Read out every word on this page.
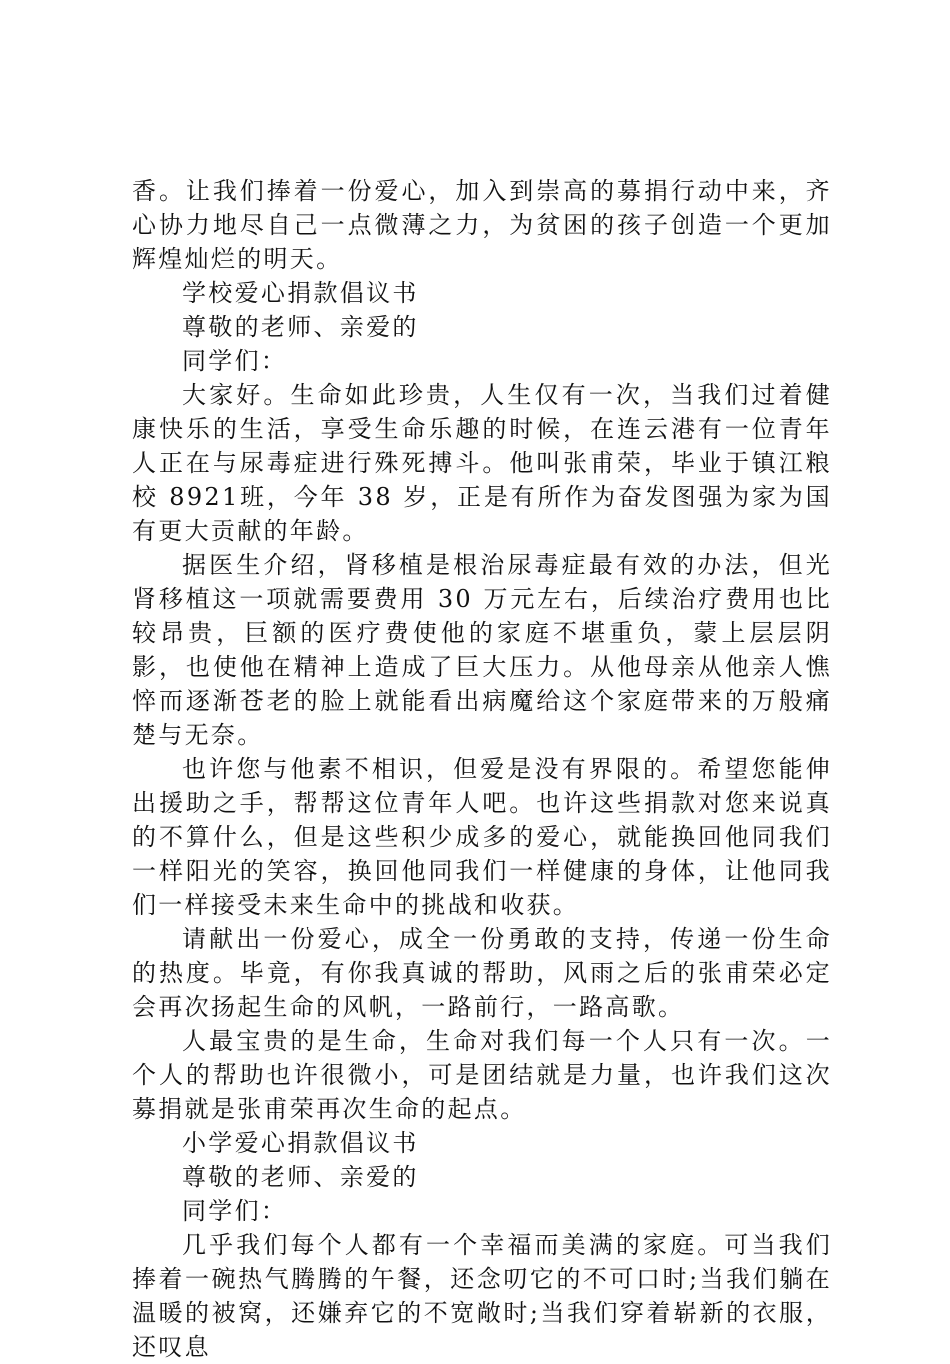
香。让我们捧着一份爱心，加入到崇高的募捐行动中来，齐心协力地尽自己一点微薄之力，为贫困的孩子创造一个更加辉煌灿烂的明天。

学校爱心捐款倡议书

尊敬的老师、亲爱的

同学们：

大家好。生命如此珍贵，人生仅有一次，当我们过着健康快乐的生活，享受生命乐趣的时候，在连云港有一位青年人正在与尿毒症进行殊死搏斗。他叫张甫荣，毕业于镇江粮校 8921班，今年 38 岁，正是有所作为奋发图强为家为国有更大贡献的年龄。

据医生介绍，肾移植是根治尿毒症最有效的办法，但光肾移植这一项就需要费用 30 万元左右，后续治疗费用也比较昂贵，巨额的医疗费使他的家庭不堪重负，蒙上层层阴影，也使他在精神上造成了巨大压力。从他母亲从他亲人憔悴而逐渐苍老的脸上就能看出病魔给这个家庭带来的万般痛楚与无奈。

也许您与他素不相识，但爱是没有界限的。希望您能伸出援助之手，帮帮这位青年人吧。也许这些捐款对您来说真的不算什么，但是这些积少成多的爱心，就能换回他同我们一样阳光的笑容，换回他同我们一样健康的身体，让他同我们一样接受未来生命中的挑战和收获。

请献出一份爱心，成全一份勇敢的支持，传递一份生命的热度。毕竟，有你我真诚的帮助，风雨之后的张甫荣必定会再次扬起生命的风帆，一路前行，一路高歌。

人最宝贵的是生命，生命对我们每一个人只有一次。一个人的帮助也许很微小，可是团结就是力量，也许我们这次募捐就是张甫荣再次生命的起点。

小学爱心捐款倡议书

尊敬的老师、亲爱的

同学们：

几乎我们每个人都有一个幸福而美满的家庭。可当我们捧着一碗热气腾腾的午餐，还念叨它的不可口时;当我们躺在温暖的被窝，还嫌弃它的不宽敞时;当我们穿着崭新的衣服，还叹息
